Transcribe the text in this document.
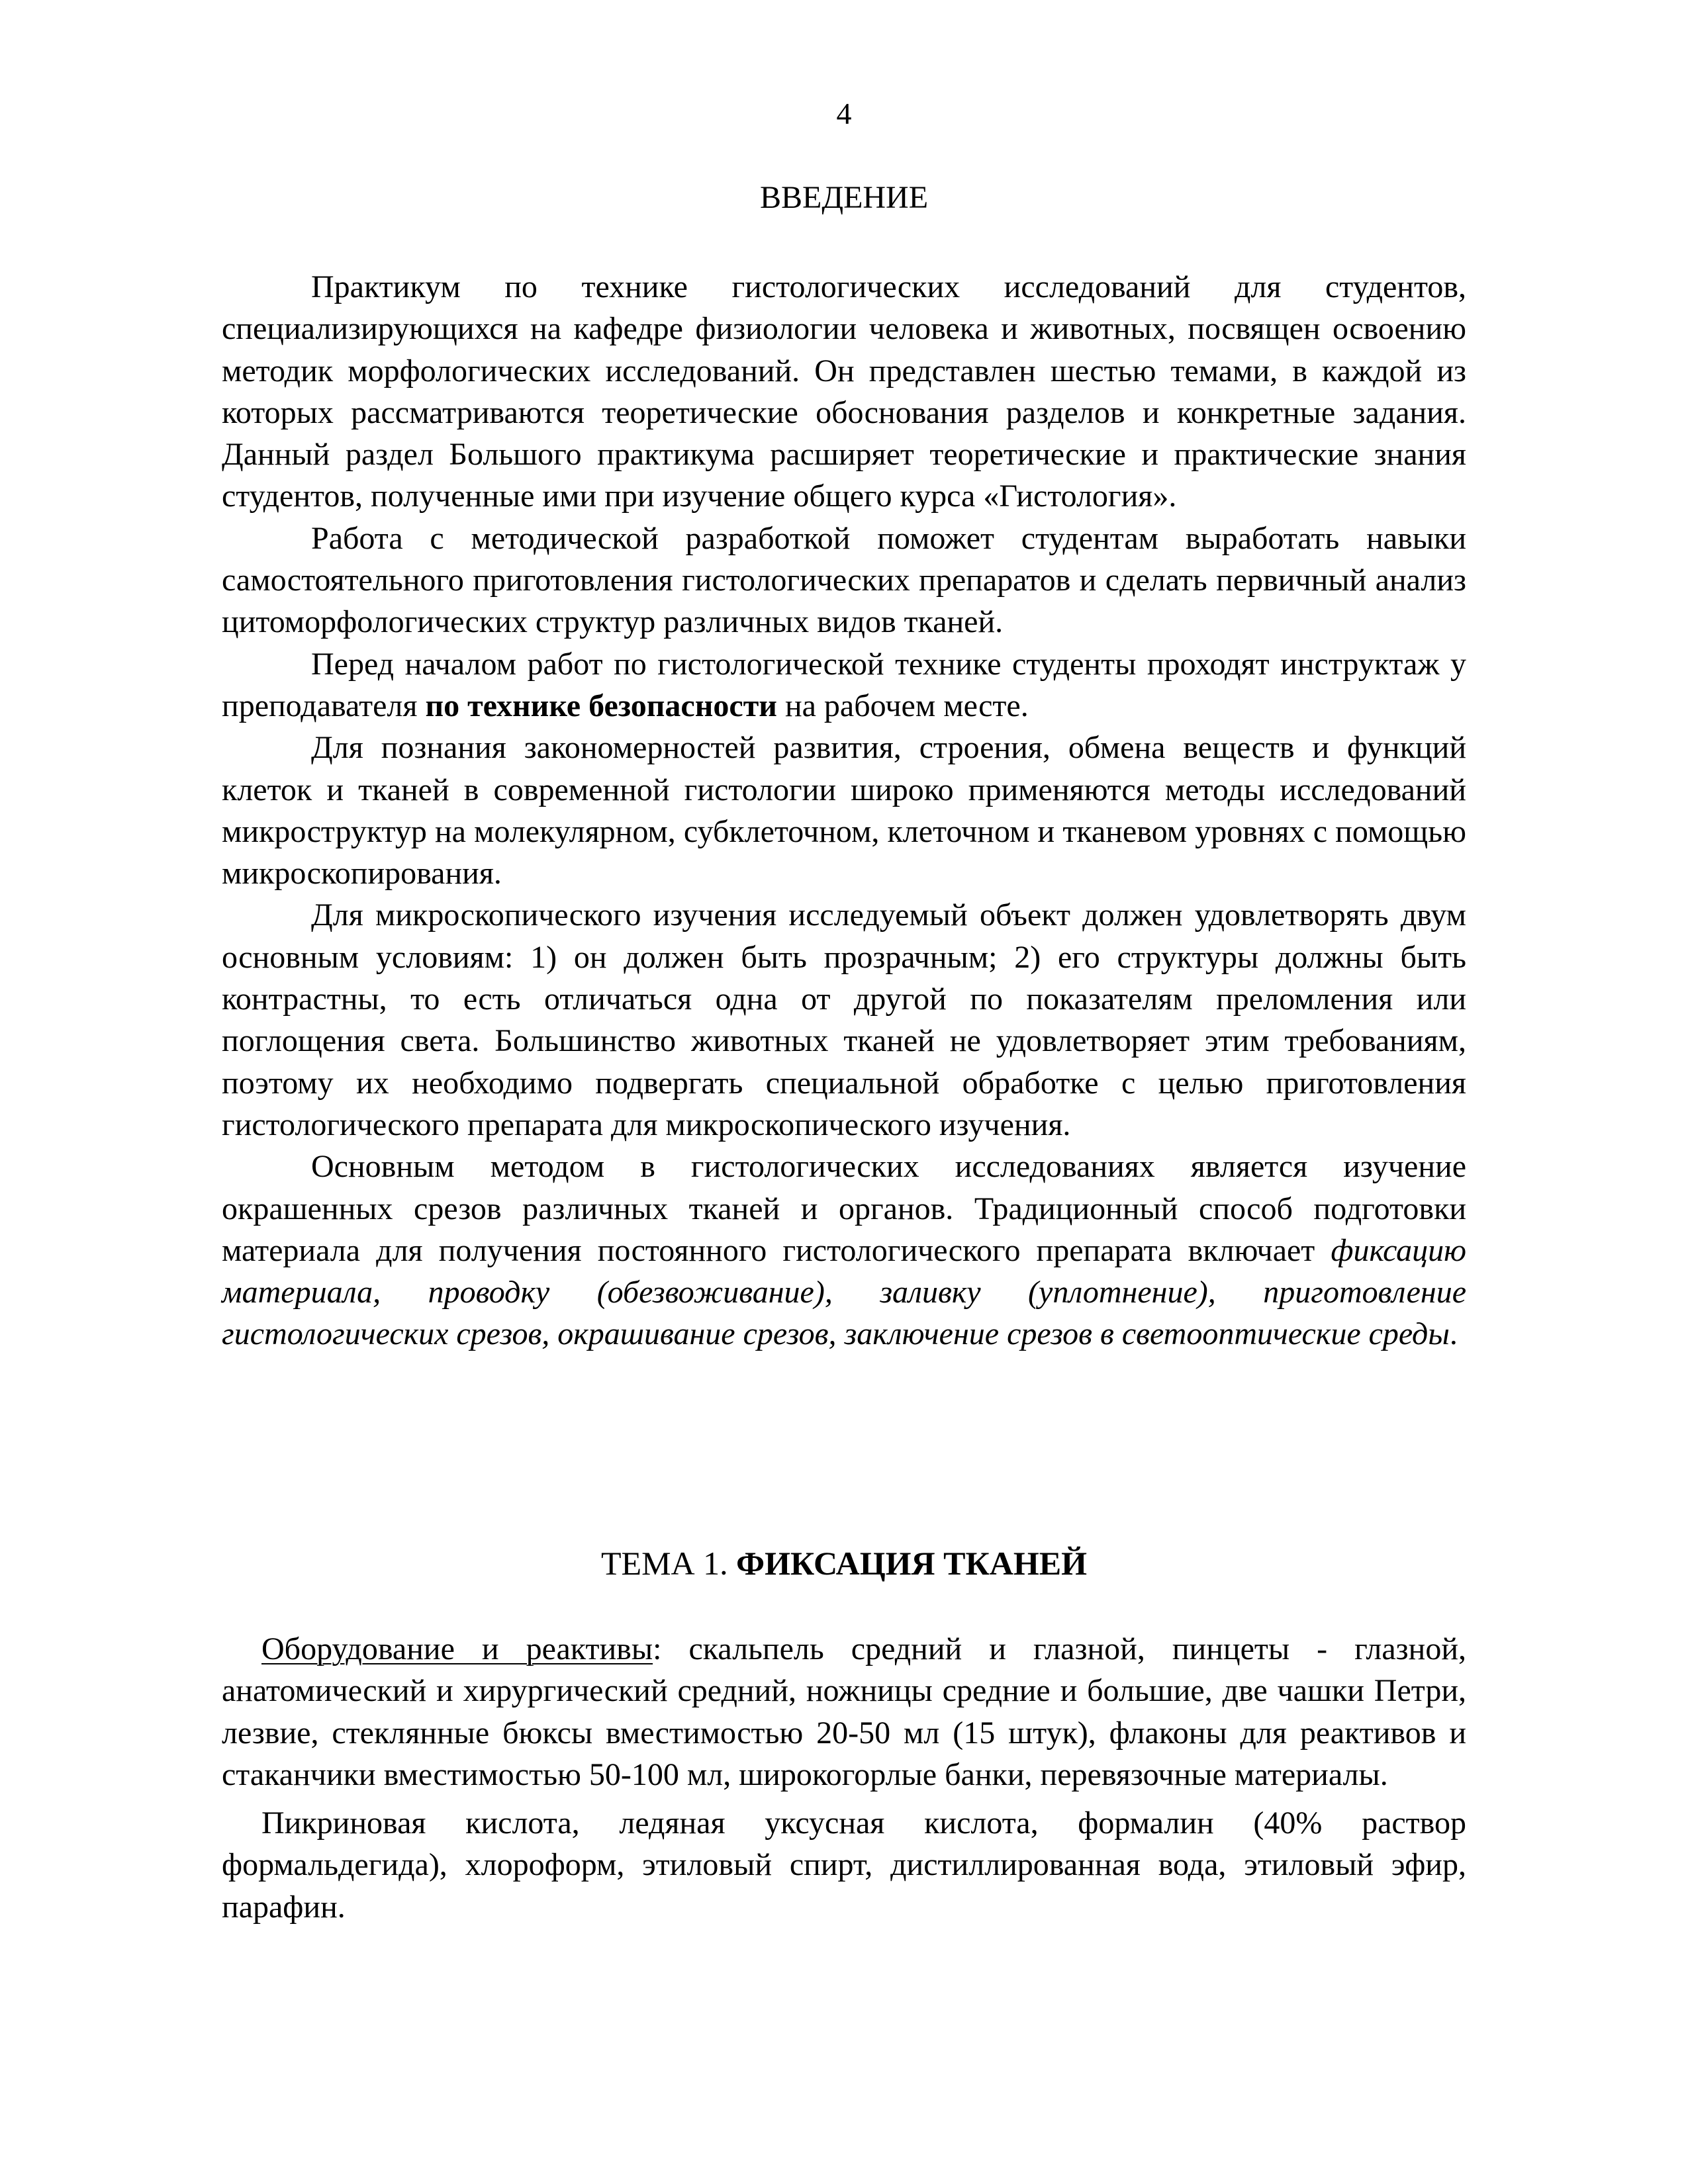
4
ВВЕДЕНИЕ

Практикум по технике гистологических исследований для студентов, специализирующихся на кафедре физиологии человека и животных, посвящен освоению методик морфологических исследований. Он представлен шестью темами, в каждой из которых рассматриваются теоретические обоснования разделов и конкретные задания. Данный раздел Большого практикума расширяет теоретические и практические знания студентов, полученные ими при изучение общего курса «Гистология».

Работа с методической разработкой поможет студентам выработать навыки самостоятельного приготовления гистологических препаратов и сделать первичный анализ цитоморфологических структур различных видов тканей.

Перед началом работ по гистологической технике студенты проходят инструктаж у преподавателя по технике безопасности на рабочем месте.

Для познания закономерностей развития, строения, обмена веществ и функций клеток и тканей в современной гистологии широко применяются методы исследований микроструктур на молекулярном, субклеточном, клеточном и тканевом уровнях с помощью микроскопирования.

Для микроскопического изучения исследуемый объект должен удовлетворять двум основным условиям: 1) он должен быть прозрачным; 2) его структуры должны быть контрастны, то есть отличаться одна от другой по показателям преломления или поглощения света. Большинство животных тканей не удовлетворяет этим требованиям, поэтому их необходимо подвергать специальной обработке с целью приготовления гистологического препарата для микроскопического изучения.

Основным методом в гистологических исследованиях является изучение окрашенных срезов различных тканей и органов. Традиционный способ подготовки материала для получения постоянного гистологического препарата включает фиксацию материала, проводку (обезвоживание), заливку (уплотнение), приготовление гистологических срезов, окрашивание срезов, заключение срезов в светооптические среды.

ТЕМА 1. ФИКСАЦИЯ ТКАНЕЙ

Оборудование и реактивы: скальпель средний и глазной, пинцеты - глазной, анатомический и хирургический средний, ножницы средние и большие, две чашки Петри, лезвие, стеклянные бюксы вместимостью 20-50 мл (15 штук), флаконы для реактивов и стаканчики вместимостью 50-100 мл, широкогорлые банки, перевязочные материалы.

Пикриновая кислота, ледяная уксусная кислота, формалин (40% раствор формальдегида), хлороформ, этиловый спирт, дистиллированная вода, этиловый эфир, парафин.
